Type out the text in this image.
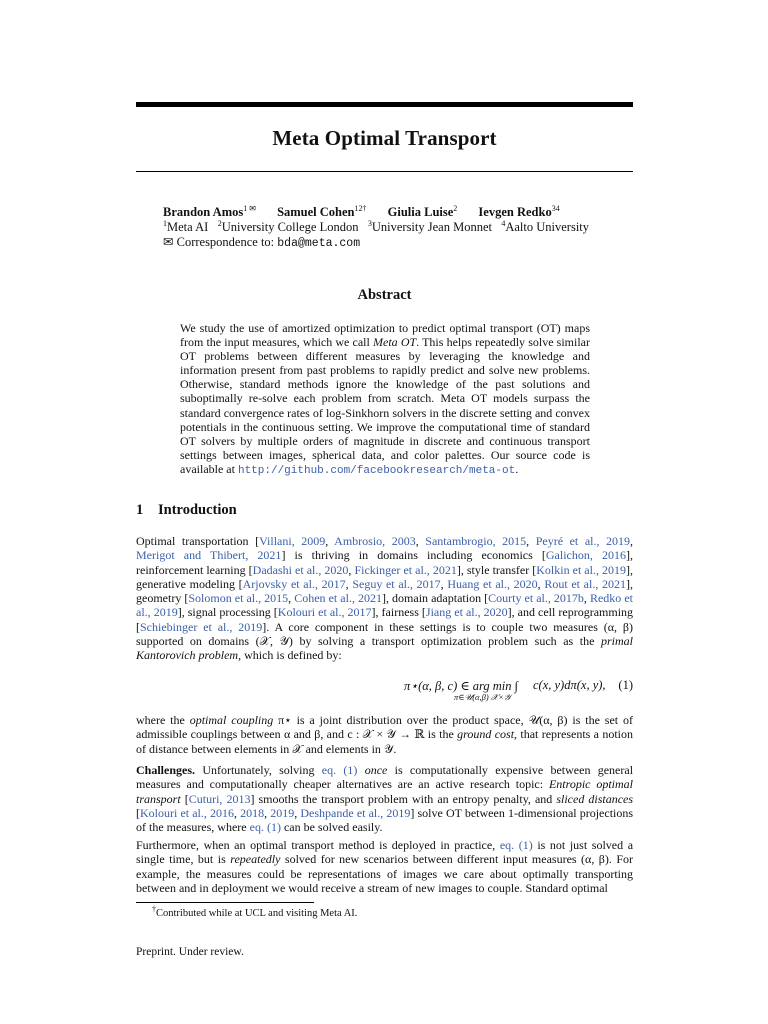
Meta Optimal Transport
Brandon Amos$^{1 ✉}$ Samuel Cohen$^{12\dagger}$ Giulia Luise$^2$ Ievgen Redko$^{34}$
$^1$Meta AI $^2$University College London $^3$University Jean Monnet $^4$Aalto University
✉ Correspondence to: bda@meta.com
Abstract
We study the use of amortized optimization to predict optimal transport (OT) maps from the input measures, which we call Meta OT. This helps repeatedly solve similar OT problems between different measures by leveraging the knowledge and information present from past problems to rapidly predict and solve new problems. Otherwise, standard methods ignore the knowledge of the past solutions and suboptimally re-solve each problem from scratch. Meta OT models surpass the standard convergence rates of log-Sinkhorn solvers in the discrete setting and convex potentials in the continuous setting. We improve the computational time of standard OT solvers by multiple orders of magnitude in discrete and continuous transport settings between images, spherical data, and color palettes. Our source code is available at http://github.com/facebookresearch/meta-ot.
1 Introduction
Optimal transportation [Villani, 2009, Ambrosio, 2003, Santambrogio, 2015, Peyré et al., 2019, Merigot and Thibert, 2021] is thriving in domains including economics [Galichon, 2016], reinforcement learning [Dadashi et al., 2020, Fickinger et al., 2021], style transfer [Kolkin et al., 2019], generative modeling [Arjovsky et al., 2017, Seguy et al., 2017, Huang et al., 2020, Rout et al., 2021], geometry [Solomon et al., 2015, Cohen et al., 2021], domain adaptation [Courty et al., 2017b, Redko et al., 2019], signal processing [Kolouri et al., 2017], fairness [Jiang et al., 2020], and cell reprogramming [Schiebinger et al., 2019]. A core component in these settings is to couple two measures (α, β) supported on domains (𝒳, 𝒴) by solving a transport optimization problem such as the primal Kantorovich problem, which is defined by:
π⋆(α, β, c) ∈ arg min ∫ c(x, y)dπ(x, y),
π∈𝒰(α,β) 𝒳×𝒴
(1)
where the optimal coupling π⋆ is a joint distribution over the product space, 𝒰(α, β) is the set of admissible couplings between α and β, and c : 𝒳 × 𝒴 → ℝ is the ground cost, that represents a notion of distance between elements in 𝒳 and elements in 𝒴.
Challenges. Unfortunately, solving eq. (1) once is computationally expensive between general measures and computationally cheaper alternatives are an active research topic: Entropic optimal transport [Cuturi, 2013] smooths the transport problem with an entropy penalty, and sliced distances [Kolouri et al., 2016, 2018, 2019, Deshpande et al., 2019] solve OT between 1-dimensional projections of the measures, where eq. (1) can be solved easily.
Furthermore, when an optimal transport method is deployed in practice, eq. (1) is not just solved a single time, but is repeatedly solved for new scenarios between different input measures (α, β). For example, the measures could be representations of images we care about optimally transporting between and in deployment we would receive a stream of new images to couple. Standard optimal
†Contributed while at UCL and visiting Meta AI.
Preprint. Under review.
